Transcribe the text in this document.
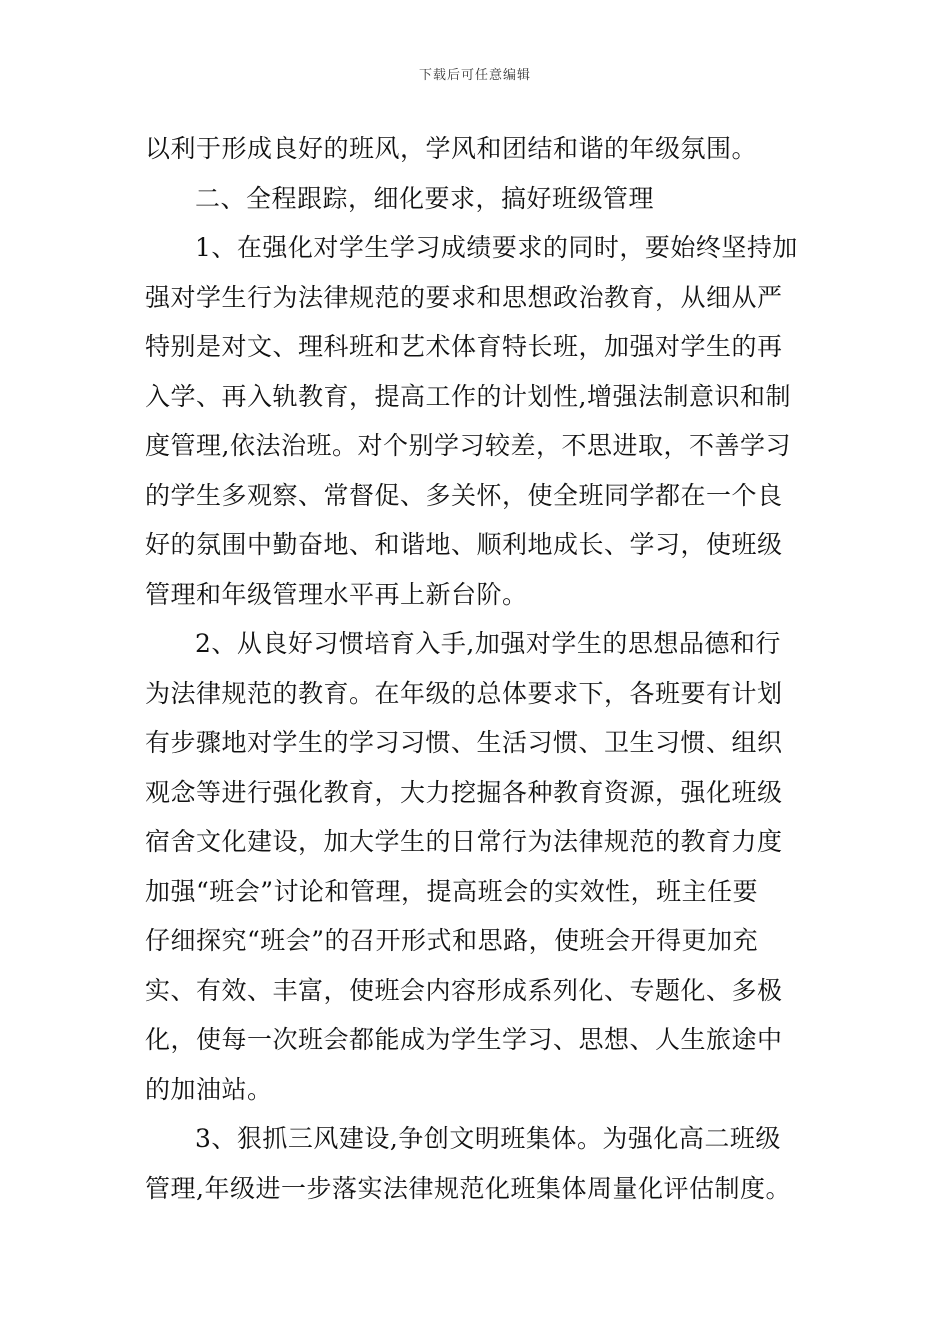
下载后可任意编辑
以利于形成良好的班风，学风和团结和谐的年级氛围。
二、全程跟踪，细化要求，搞好班级管理
1、在强化对学生学习成绩要求的同时，要始终坚持加
强对学生行为法律规范的要求和思想政治教育，从细从严
特别是对文、理科班和艺术体育特长班，加强对学生的再
入学、再入轨教育，提高工作的计划性,增强法制意识和制
度管理,依法治班。对个别学习较差，不思进取，不善学习
的学生多观察、常督促、多关怀，使全班同学都在一个良
好的氛围中勤奋地、和谐地、顺利地成长、学习，使班级
管理和年级管理水平再上新台阶。
2、从良好习惯培育入手,加强对学生的思想品德和行
为法律规范的教育。在年级的总体要求下，各班要有计划
有步骤地对学生的学习习惯、生活习惯、卫生习惯、组织
观念等进行强化教育，大力挖掘各种教育资源，强化班级
宿舍文化建设，加大学生的日常行为法律规范的教育力度
加强“班会”讨论和管理，提高班会的实效性，班主任要
仔细探究“班会”的召开形式和思路，使班会开得更加充
实、有效、丰富，使班会内容形成系列化、专题化、多极
化，使每一次班会都能成为学生学习、思想、人生旅途中
的加油站。
3、狠抓三风建设,争创文明班集体。为强化高二班级
管理,年级进一步落实法律规范化班集体周量化评估制度。
